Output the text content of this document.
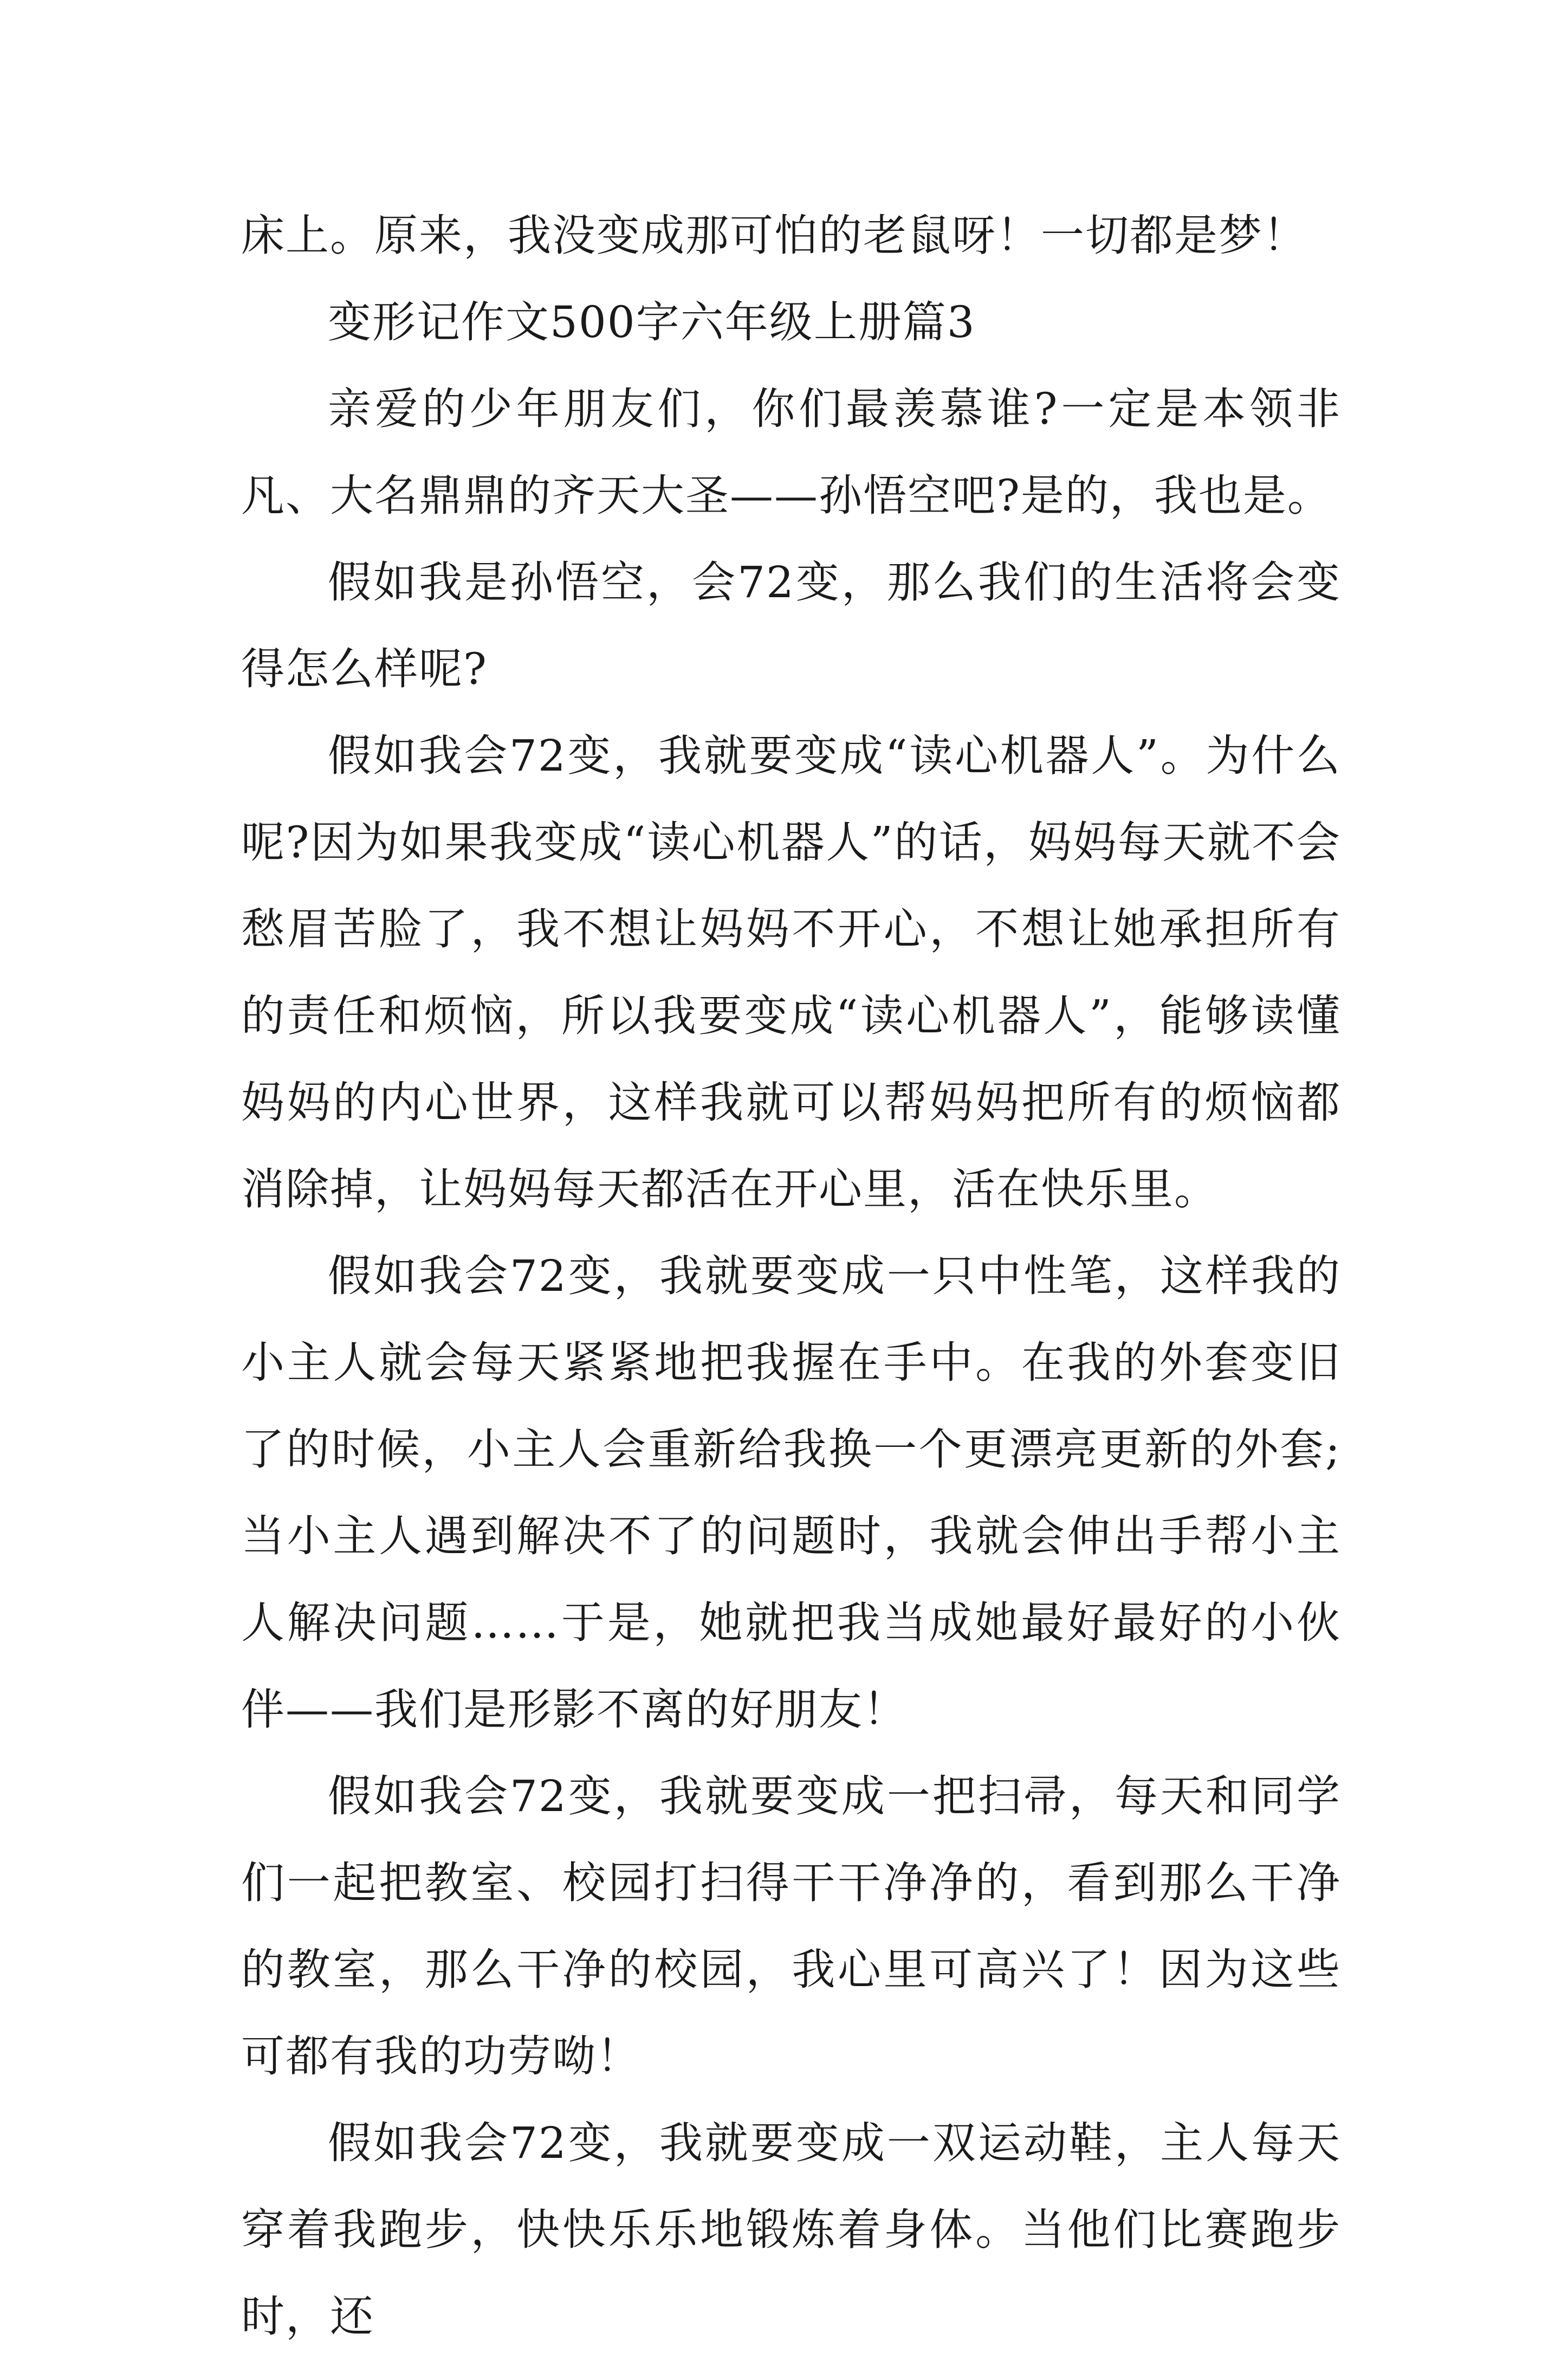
床上。原来，我没变成那可怕的老鼠呀！一切都是梦！

变形记作文500字六年级上册篇3

亲爱的少年朋友们，你们最羡慕谁?一定是本领非凡、大名鼎鼎的齐天大圣——孙悟空吧?是的，我也是。

假如我是孙悟空，会72变，那么我们的生活将会变得怎么样呢?

假如我会72变，我就要变成“读心机器人”。为什么呢?因为如果我变成“读心机器人”的话，妈妈每天就不会愁眉苦脸了，我不想让妈妈不开心，不想让她承担所有的责任和烦恼，所以我要变成“读心机器人”，能够读懂妈妈的内心世界，这样我就可以帮妈妈把所有的烦恼都消除掉，让妈妈每天都活在开心里，活在快乐里。

假如我会72变，我就要变成一只中性笔，这样我的小主人就会每天紧紧地把我握在手中。在我的外套变旧了的时候，小主人会重新给我换一个更漂亮更新的外套;当小主人遇到解决不了的问题时，我就会伸出手帮小主人解决问题……于是，她就把我当成她最好最好的小伙伴——我们是形影不离的好朋友！

假如我会72变，我就要变成一把扫帚，每天和同学们一起把教室、校园打扫得干干净净的，看到那么干净的教室，那么干净的校园，我心里可高兴了！因为这些可都有我的功劳呦！

假如我会72变，我就要变成一双运动鞋，主人每天穿着我跑步，快快乐乐地锻炼着身体。当他们比赛跑步时，还
